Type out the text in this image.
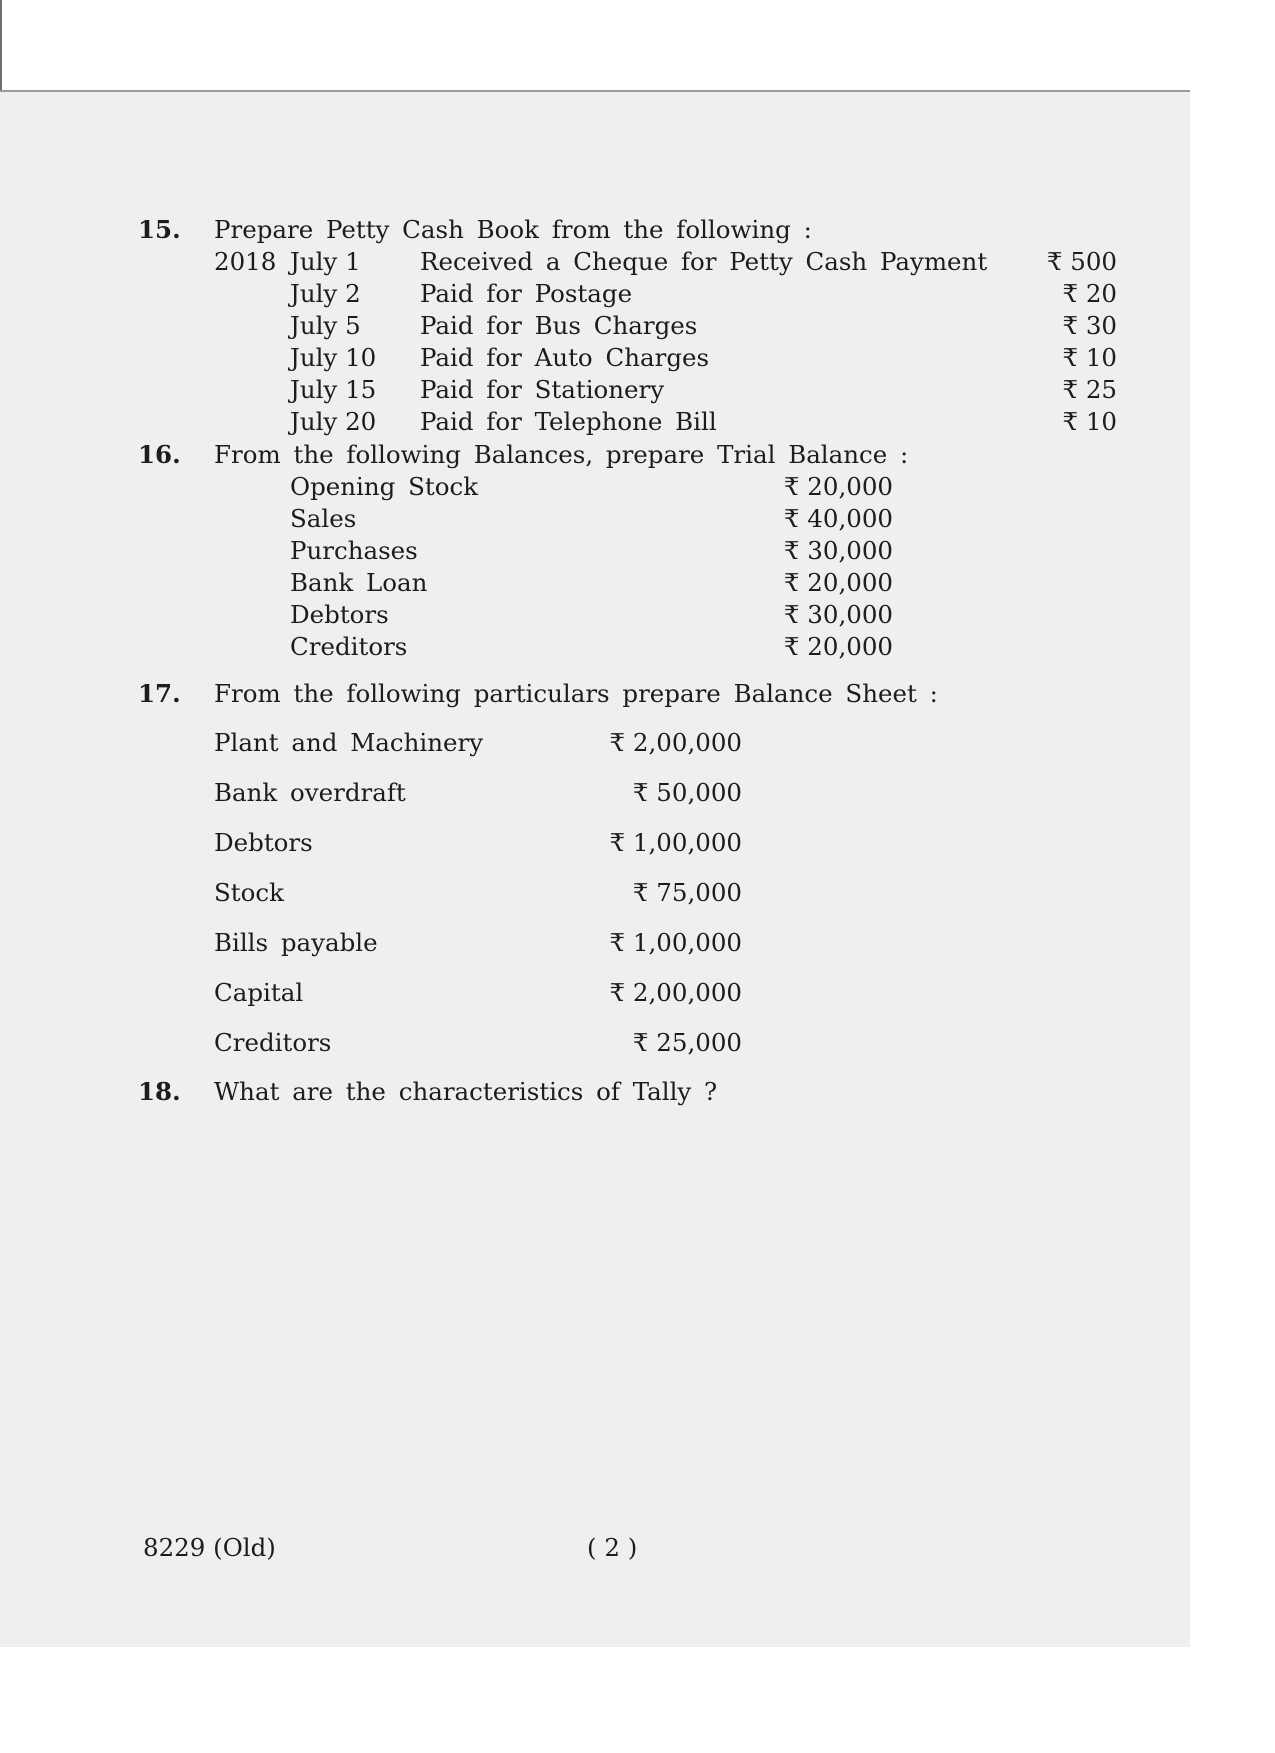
15. Prepare Petty Cash Book from the following :
2018 July 1 Received a Cheque for Petty Cash Payment ₹ 500
July 2 Paid for Postage	₹ 20
July 5 Paid for Bus Charges	₹ 30
July 10 Paid for Auto Charges	₹ 10
July 15 Paid for Stationery	₹ 25
July 20 Paid for Telephone Bill	₹ 10
16. From the following Balances, prepare Trial Balance :
Opening Stock	₹ 20,000
Sales	₹ 40,000
Purchases	₹ 30,000
Bank Loan	₹ 20,000
Debtors	₹ 30,000
Creditors	₹ 20,000
17. From the following particulars prepare Balance Sheet :
Plant and Machinery	₹ 2,00,000
Bank overdraft	₹ 50,000
Debtors	₹ 1,00,000
Stock	₹ 75,000
Bills payable	₹ 1,00,000
Capital	₹ 2,00,000
Creditors	₹ 25,000
18. What are the characteristics of Tally ?
8229 (Old)	( 2 )
